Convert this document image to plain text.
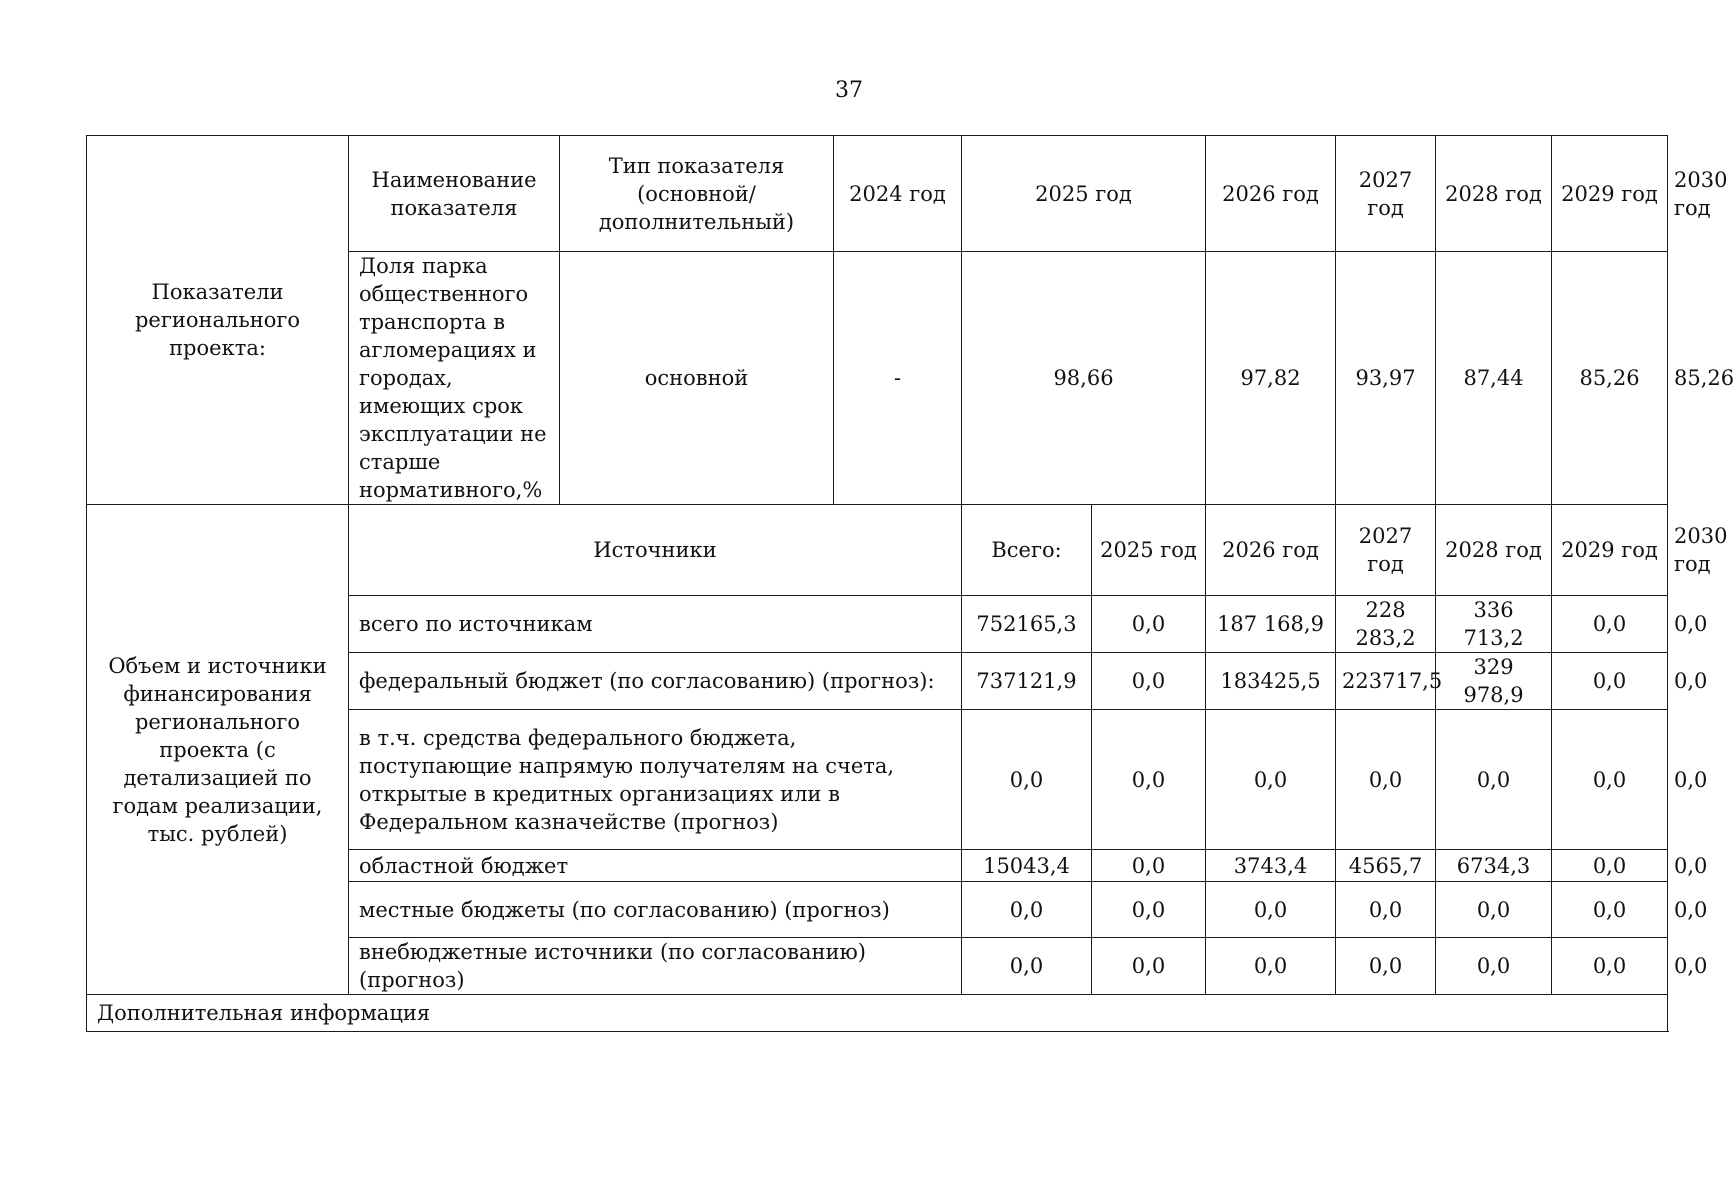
37
Показатели регионального проекта:	Наименование показателя	Тип показателя (основной/ дополнительный)	2024 год	2025 год		2026 год	2027 год	2028 год	2029 год	2030 год
	Доля парка общественного транспорта в агломерациях и городах, имеющих срок эксплуатации не старше нормативного,%	основной	-	98,66		97,82	93,97	87,44	85,26	85,26
Объем и источники финансирования регионального проекта (с детализацией по годам реализации, тыс. рублей)	Источники			Всего:	2025 год	2026 год	2027 год	2028 год	2029 год	2030 год
	всего по источникам			752165,3	0,0	187 168,9	228 283,2	336 713,2	0,0	0,0
	федеральный бюджет (по согласованию) (прогноз):			737121,9	0,0	183425,5	223717,5	329 978,9	0,0	0,0
	в т.ч. средства федерального бюджета, поступающие напрямую получателям на счета, открытые в кредитных организациях или в Федеральном казначействе (прогноз)			0,0	0,0	0,0	0,0	0,0	0,0	0,0
	областной бюджет			15043,4	0,0	3743,4	4565,7	6734,3	0,0	0,0
	местные бюджеты (по согласованию) (прогноз)			0,0	0,0	0,0	0,0	0,0	0,0	0,0
	внебюджетные источники (по согласованию) (прогноз)			0,0	0,0	0,0	0,0	0,0	0,0	0,0
Дополнительная информация										
